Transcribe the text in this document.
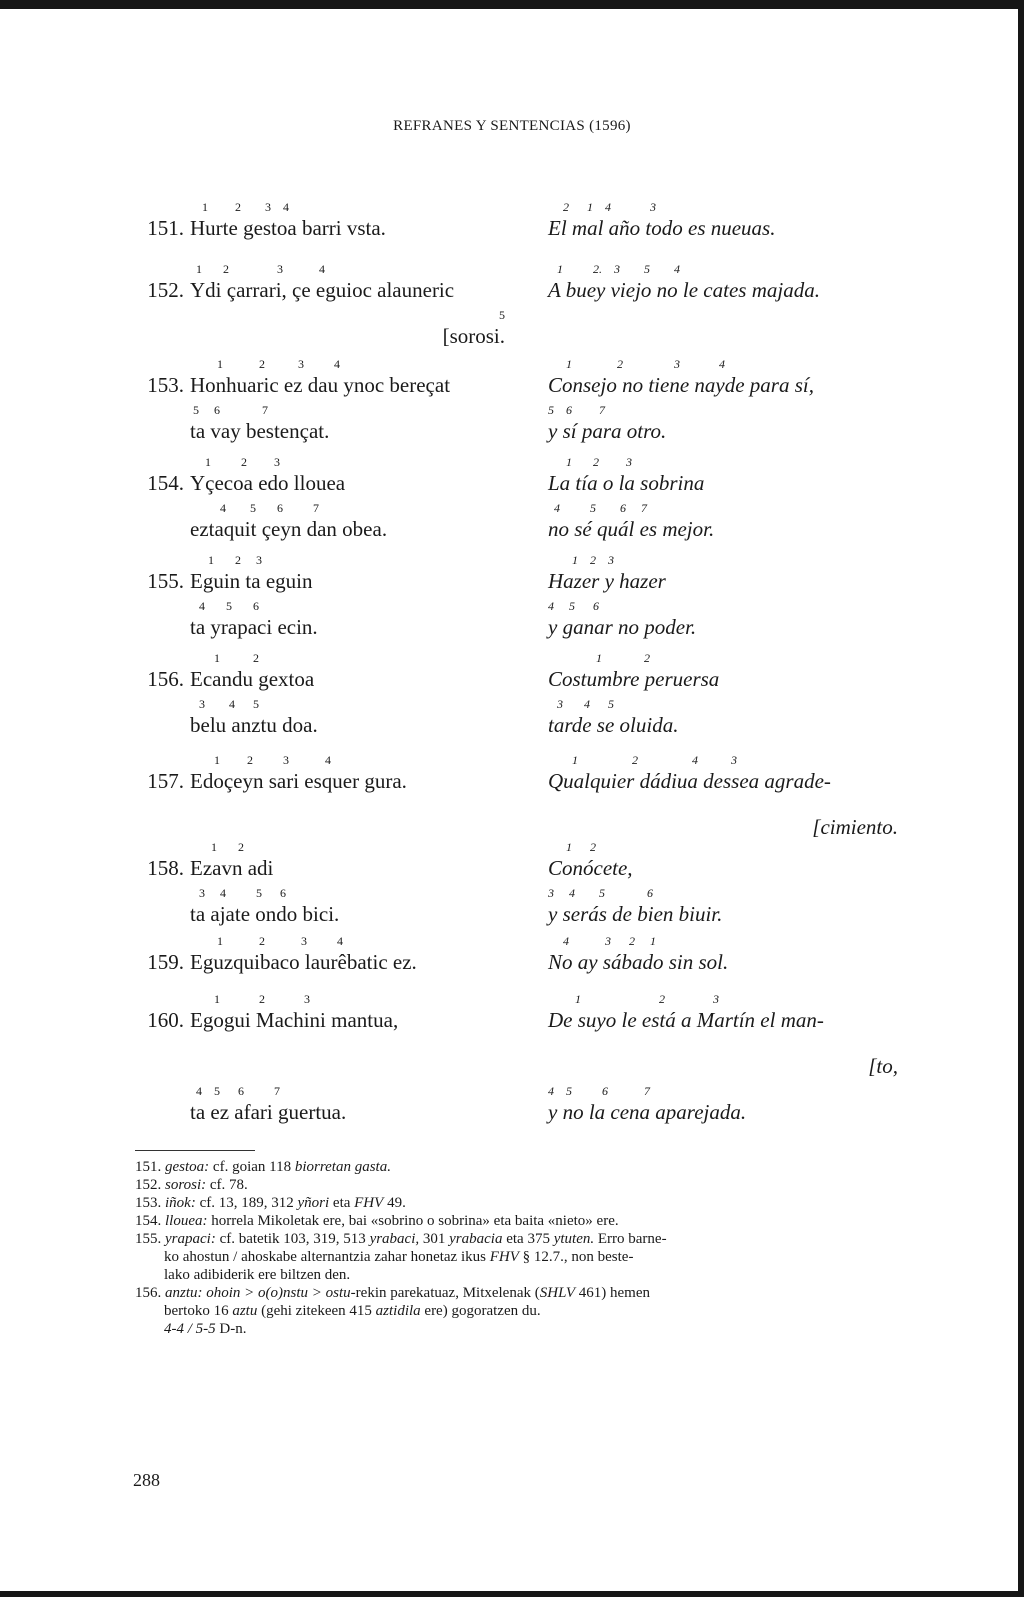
REFRANES Y SENTENCIAS (1596)
151.
1         2        3    4
Hurte gestoa barri vsta.
2      1    4             3
El mal año todo es nueuas.
152.
1       2                3            4
Ydi çarrari, çe eguioc alauneric
5
[sorosi.
1          2.    3        5        4
A buey viejo no le cates majada.
153.
1            2           3          4
Honhuaric ez dau ynoc bereçat
5     6              7
ta vay bestençat.
1               2                 3             4
Consejo no tiene nayde para sí,
5    6         7
y sí para otro.
154.
1          2         3
Yçecoa edo llouea
4        5       6          7
eztaquit çeyn dan obea.
1       2         3
La tía o la sobrina
4          5        6     7
no sé quál es mejor.
155.
1       2     3
Eguin ta eguin
4       5       6
ta yrapaci ecin.
1    2    3
Hazer y hazer
4     5      6
y ganar no poder.
156.
1           2
Ecandu gextoa
3        4      5
belu anztu doa.
1              2
Costumbre peruersa
3       4      5
tarde se oluida.
157.
1         2          3            4
Edoçeyn sari esquer gura.
1                  2                  4           3
Qualquier dádiua dessea agrade-
[cimiento.
158.
1       2
Ezavn adi
3     4          5      6
ta ajate ondo bici.
1      2
Conócete,
3     4        5              6
y serás de bien biuir.
159.
1            2            3          4
Eguzquibaco laurêbatic ez.
4            3      2     1
No ay sábado sin sol.
160.
1             2             3
Egogui Machini mantua,
4    5      6          7
ta ez afari guertua.
1                          2                3
De suyo le está a Martín el man-
[to,
4    5          6            7
y no la cena aparejada.
151. gestoa: cf. goian 118 biorretan gasta.
152. sorosi: cf. 78.
153. iñok: cf. 13, 189, 312 yñori eta FHV 49.
154. llouea: horrela Mikoletak ere, bai «sobrino o sobrina» eta baita «nieto» ere.
155. yrapaci: cf. batetik 103, 319, 513 yrabaci, 301 yrabacia eta 375 ytuten. Erro barne-
ko ahostun / ahoskabe alternantzia zahar honetaz ikus FHV § 12.7., non beste-
lako adibiderik ere biltzen den.
156. anztu: ohoin > o(o)nstu > ostu-rekin parekatuaz, Mitxelenak (SHLV 461) hemen
bertoko 16 aztu (gehi zitekeen 415 aztidila ere) gogoratzen du.
4-4 / 5-5 D-n.
288
